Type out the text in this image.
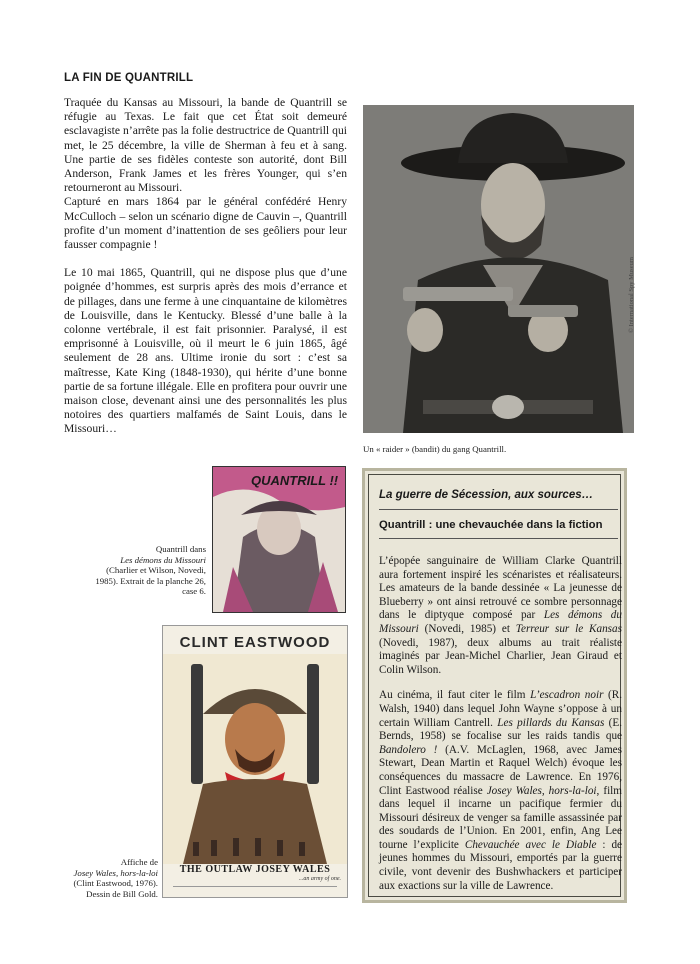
LA FIN DE QUANTRILL

Traquée du Kansas au Missouri, la bande de Quantrill se réfugie au Texas. Le fait que cet État soit demeuré esclavagiste n’arrête pas la folie destructrice de Quantrill qui met, le 25 décembre, la ville de Sherman à feu et à sang. Une partie de ses fidèles conteste son autorité, dont Bill Anderson, Frank James et les frères Younger, qui s’en retourneront au Missouri.

Capturé en mars 1864 par le général confédéré Henry McCulloch – selon un scénario digne de Cauvin –, Quantrill profite d’un moment d’inattention de ses geôliers pour leur fausser compagnie !

Le 10 mai 1865, Quantrill, qui ne dispose plus que d’une poignée d’hommes, est surpris après des mois d’errance et de pillages, dans une ferme à une cinquantaine de kilomètres de Louisville, dans le Kentucky. Blessé d’une balle à la colonne vertébrale, il est fait prisonnier. Paralysé, il est emprisonné à Louisville, où il meurt le 6 juin 1865, âgé seulement de 28 ans. Ultime ironie du sort : c’est sa maîtresse, Kate King (1848-1930), qui hérite d’une bonne partie de sa fortune illégale. Elle en profitera pour ouvrir une maison close, devenant ainsi une des personnalités les plus notoires des quartiers malfamés de Saint Louis, dans le Missouri…

© International Spy Museum
Un « raider » (bandit) du gang Quantrill.
QUANTRILL !!
Quantrill dans
Les démons du Missouri
(Charlier et Wilson, Novedi, 1985). Extrait de la planche 26, case 6.
CLINT EASTWOOD
THE OUTLAW JOSEY WALES
...an army of one.
Affiche de
Josey Wales, hors-la-loi
(Clint Eastwood, 1976).
Dessin de Bill Gold.
La guerre de Sécession, aux sources…
Quantrill : une chevauchée dans la fiction

L’épopée sanguinaire de William Clarke Quantrill aura fortement inspiré les scénaristes et réalisateurs. Les amateurs de la bande dessinée « La jeunesse de Blueberry » ont ainsi retrouvé ce sombre personnage dans le diptyque composé par Les démons du Missouri (Novedi, 1985) et Terreur sur le Kansas (Novedi, 1987), deux albums au trait réaliste imaginés par Jean-Michel Charlier, Jean Giraud et Colin Wilson.

Au cinéma, il faut citer le film L’escadron noir (R. Walsh, 1940) dans lequel John Wayne s’oppose à un certain William Cantrell. Les pillards du Kansas (E. Bernds, 1958) se focalise sur les raids tandis que Bandolero ! (A.V. McLaglen, 1968, avec James Stewart, Dean Martin et Raquel Welch) évoque les conséquences du massacre de Lawrence. En 1976, Clint Eastwood réalise Josey Wales, hors-la-loi, film dans lequel il incarne un pacifique fermier du Missouri désireux de venger sa famille assassinée par des soudards de l’Union. En 2001, enfin, Ang Lee tourne l’explicite Chevauchée avec le Diable : de jeunes hommes du Missouri, emportés par la guerre civile, vont devenir des Bushwhackers et participer aux exactions sur la ville de Lawrence.
